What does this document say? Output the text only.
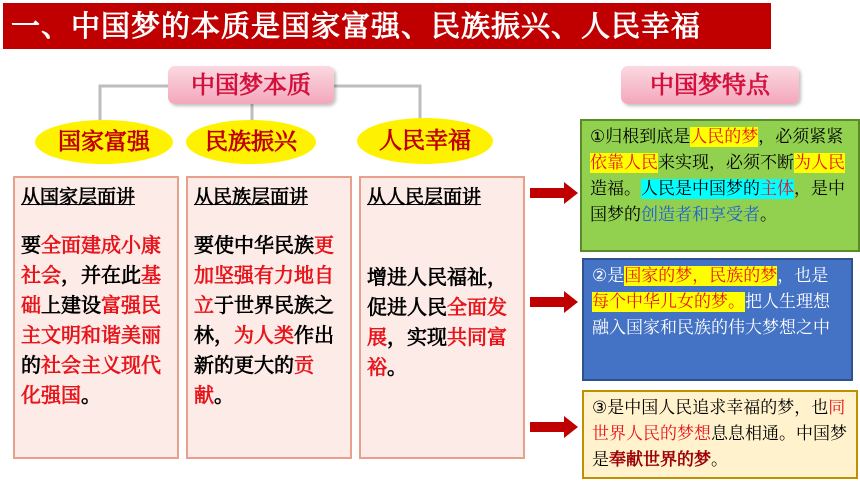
一、中国梦的本质是国家富强、民族振兴、人民幸福
中国梦本质	中国梦特点
国家富强	民族振兴	人民幸福
从国家层面讲
要全面建成小康社会，并在此基础上建设富强民主文明和谐美丽的社会主义现代化强国。
从民族层面讲
要使中华民族更加坚强有力地自立于世界民族之林，为人类作出新的更大的贡献。
从人民层面讲
增进人民福祉，促进人民全面发展，实现共同富裕。
①归根到底是人民的梦，必须紧紧依靠人民来实现，必须不断为人民造福。人民是中国梦的主体，是中国梦的创造者和享受者。
②是国家的梦，民族的梦，也是每个中华儿女的梦。把人生理想融入国家和民族的伟大梦想之中
③是中国人民追求幸福的梦，也同世界人民的梦想息息相通。中国梦是奉献世界的梦。
